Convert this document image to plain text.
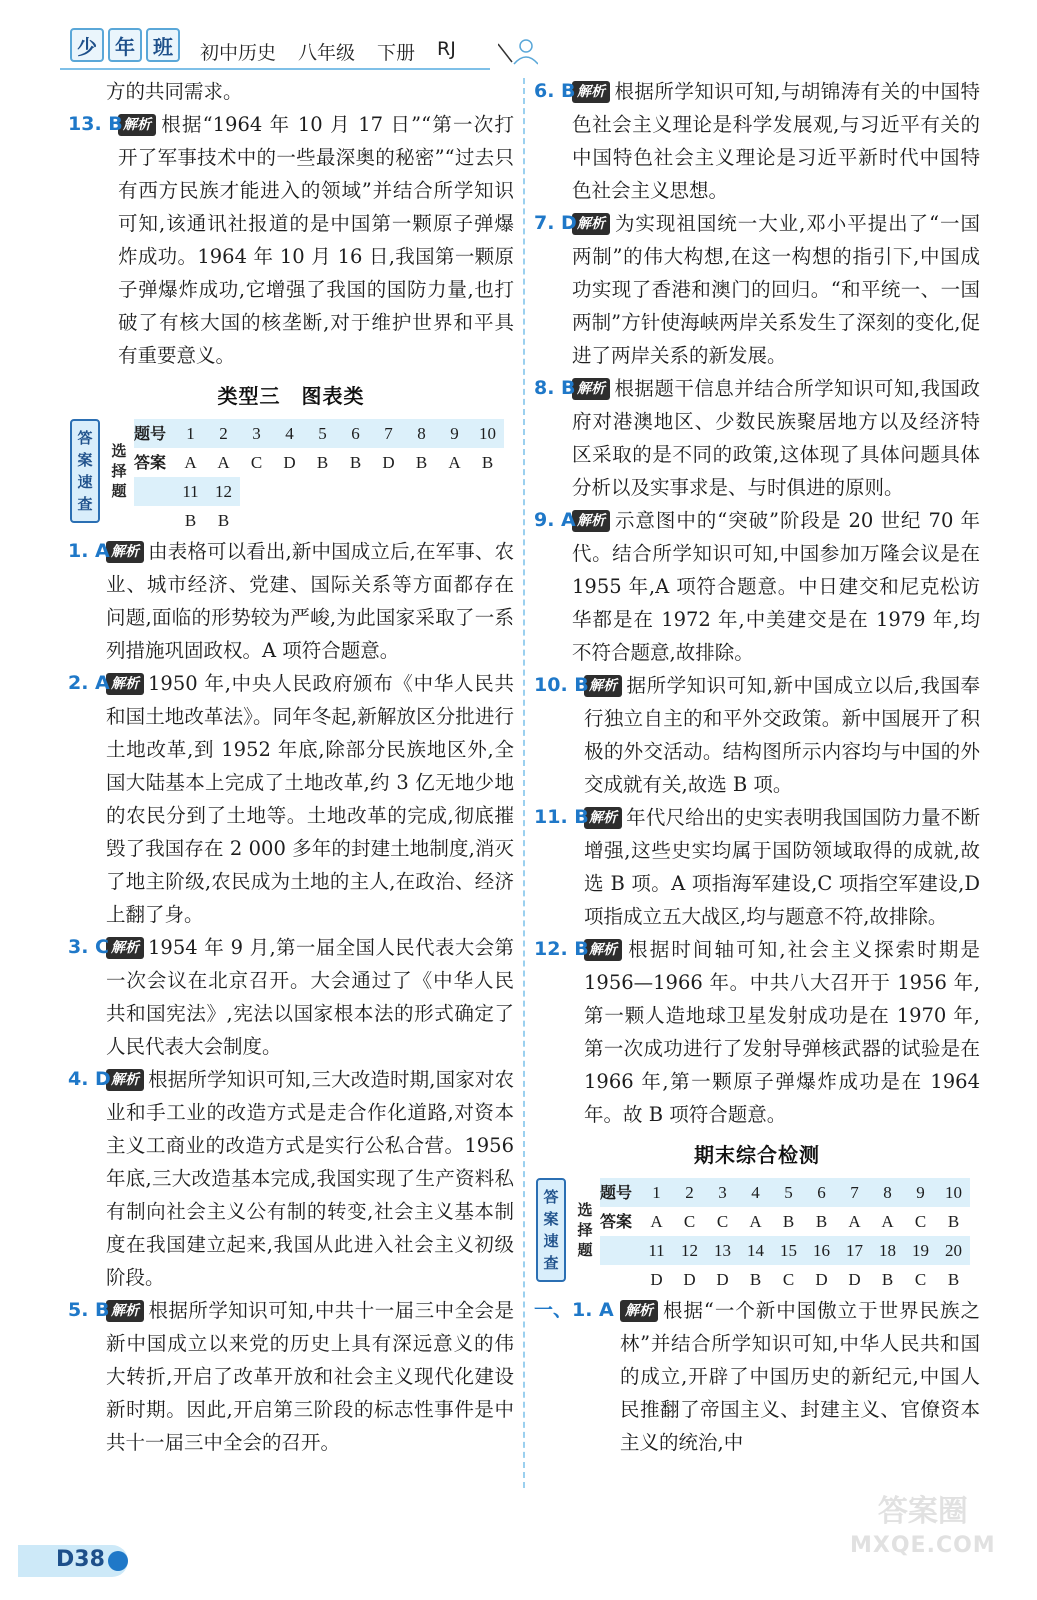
少 年 班	初中历史 八年级 下册 RJ
方的共同需求。
13. B 解析 根据“1964 年 10 月 17 日”“第一次打开了军事技术中的一些最深奥的秘密”“过去只有西方民族才能进入的领域”并结合所学知识可知,该通讯社报道的是中国第一颗原子弹爆炸成功。1964 年 10 月 16 日,我国第一颗原子弹爆炸成功,它增强了我国的国防力量,也打破了有核大国的核垄断,对于维护世界和平具有重要意义。
类型三　图表类
答
案
速
查
选
择
题
题号	1	2	3	4	5	6	7	8	9	10
答案	A	A	C	D	B	B	D	B	A	B
11 12
B	B
1. A 解析 由表格可以看出,新中国成立后,在军事、农业、城市经济、党建、国际关系等方面都存在问题,面临的形势较为严峻,为此国家采取了一系列措施巩固政权。A 项符合题意。
2. A 解析 1950 年,中央人民政府颁布《中华人民共和国土地改革法》。同年冬起,新解放区分批进行土地改革,到 1952 年底,除部分民族地区外,全国大陆基本上完成了土地改革,约 3 亿无地少地的农民分到了土地等。土地改革的完成,彻底摧毁了我国存在 2 000 多年的封建土地制度,消灭了地主阶级,农民成为土地的主人,在政治、经济上翻了身。
3. C 解析 1954 年 9 月,第一届全国人民代表大会第一次会议在北京召开。大会通过了《中华人民共和国宪法》,宪法以国家根本法的形式确定了人民代表大会制度。
4. D 解析 根据所学知识可知,三大改造时期,国家对农业和手工业的改造方式是走合作化道路,对资本主义工商业的改造方式是实行公私合营。1956 年底,三大改造基本完成,我国实现了生产资料私有制向社会主义公有制的转变,社会主义基本制度在我国建立起来,我国从此进入社会主义初级阶段。
5. B 解析 根据所学知识可知,中共十一届三中全会是新中国成立以来党的历史上具有深远意义的伟大转折,开启了改革开放和社会主义现代化建设新时期。因此,开启第三阶段的标志性事件是中共十一届三中全会的召开。
6. B 解析 根据所学知识可知,与胡锦涛有关的中国特色社会主义理论是科学发展观,与习近平有关的中国特色社会主义理论是习近平新时代中国特色社会主义思想。
7. D 解析 为实现祖国统一大业,邓小平提出了“一国两制”的伟大构想,在这一构想的指引下,中国成功实现了香港和澳门的回归。“和平统一、一国两制”方针使海峡两岸关系发生了深刻的变化,促进了两岸关系的新发展。
8. B 解析 根据题干信息并结合所学知识可知,我国政府对港澳地区、少数民族聚居地方以及经济特区采取的是不同的政策,这体现了具体问题具体分析以及实事求是、与时俱进的原则。
9. A 解析 示意图中的“突破”阶段是 20 世纪 70 年代。结合所学知识可知,中国参加万隆会议是在 1955 年,A 项符合题意。中日建交和尼克松访华都是在 1972 年,中美建交是在 1979 年,均不符合题意,故排除。
10. B 解析 据所学知识可知,新中国成立以后,我国奉行独立自主的和平外交政策。新中国展开了积极的外交活动。结构图所示内容均与中国的外交成就有关,故选 B 项。
11. B 解析 年代尺给出的史实表明我国国防力量不断增强,这些史实均属于国防领域取得的成就,故选 B 项。A 项指海军建设,C 项指空军建设,D 项指成立五大战区,均与题意不符,故排除。
12. B 解析 根据时间轴可知,社会主义探索时期是 1956—1966 年。中共八大召开于 1956 年,第一颗人造地球卫星发射成功是在 1970 年,第一次成功进行了发射导弹核武器的试验是在 1966 年,第一颗原子弹爆炸成功是在 1964 年。故 B 项符合题意。
期末综合检测
答
案
速
查
选
择
题
题号	1	2	3	4	5	6	7	8	9	10
答案	A	C	C	A	B	B	A	A	C	B
11 12 13 14 15 16 17 18 19 20
D	D	D	B	C	D	D	B	C	B
一、1. A 解析 根据“一个新中国傲立于世界民族之林”并结合所学知识可知,中华人民共和国的成立,开辟了中国历史的新纪元,中国人民推翻了帝国主义、封建主义、官僚资本主义的统治,中
D38
答案圈
MXQE.COM
